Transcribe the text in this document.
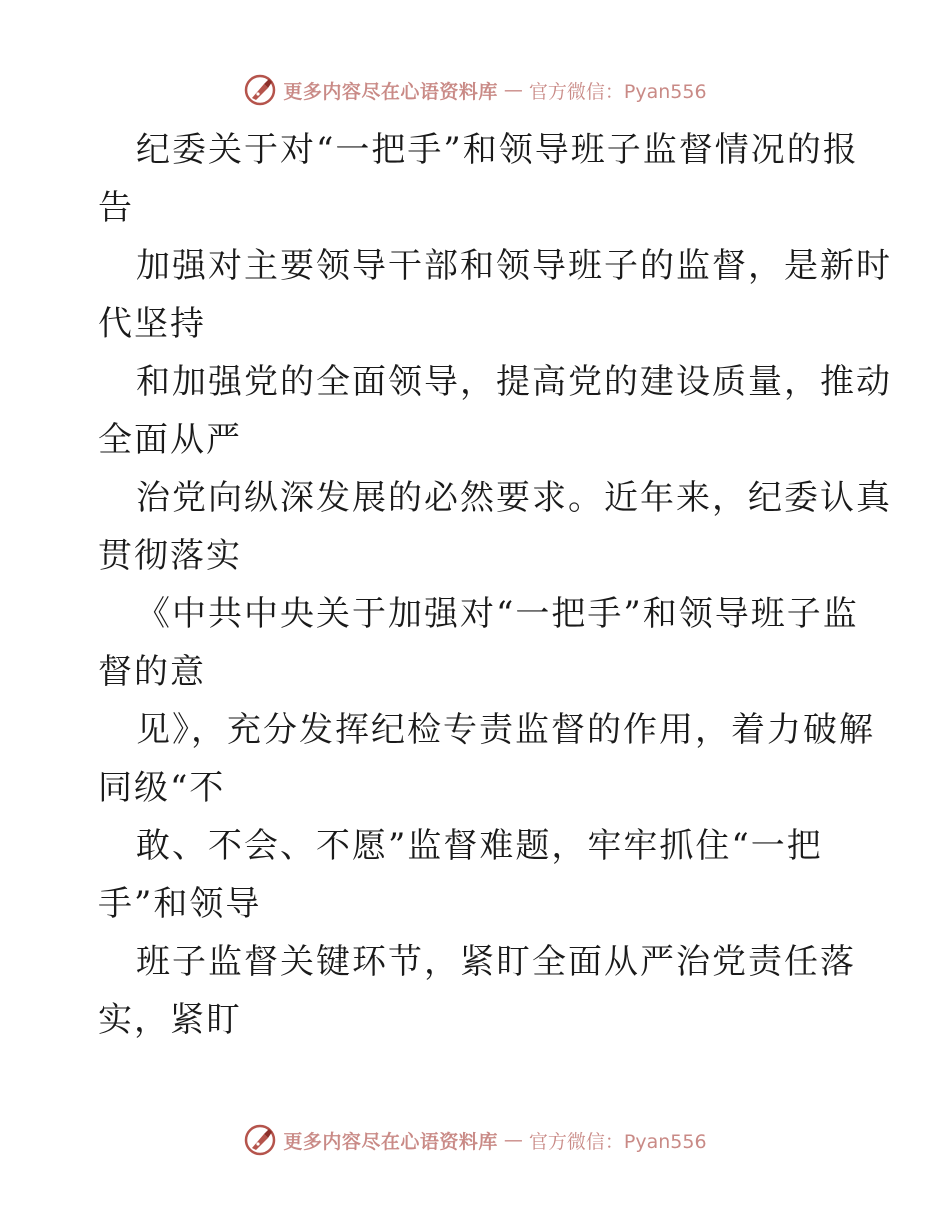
更多内容尽在心语资料库 — 官方微信：Pyan556
纪委关于对“一把手”和领导班子监督情况的报
告
加强对主要领导干部和领导班子的监督，是新时
代坚持
和加强党的全面领导，提高党的建设质量，推动
全面从严
治党向纵深发展的必然要求。近年来，纪委认真
贯彻落实
《中共中央关于加强对“一把手”和领导班子监
督的意
见》，充分发挥纪检专责监督的作用，着力破解
同级“不
敢、不会、不愿”监督难题，牢牢抓住“一把
手”和领导
班子监督关键环节，紧盯全面从严治党责任落
实，紧盯
更多内容尽在心语资料库 — 官方微信：Pyan556
